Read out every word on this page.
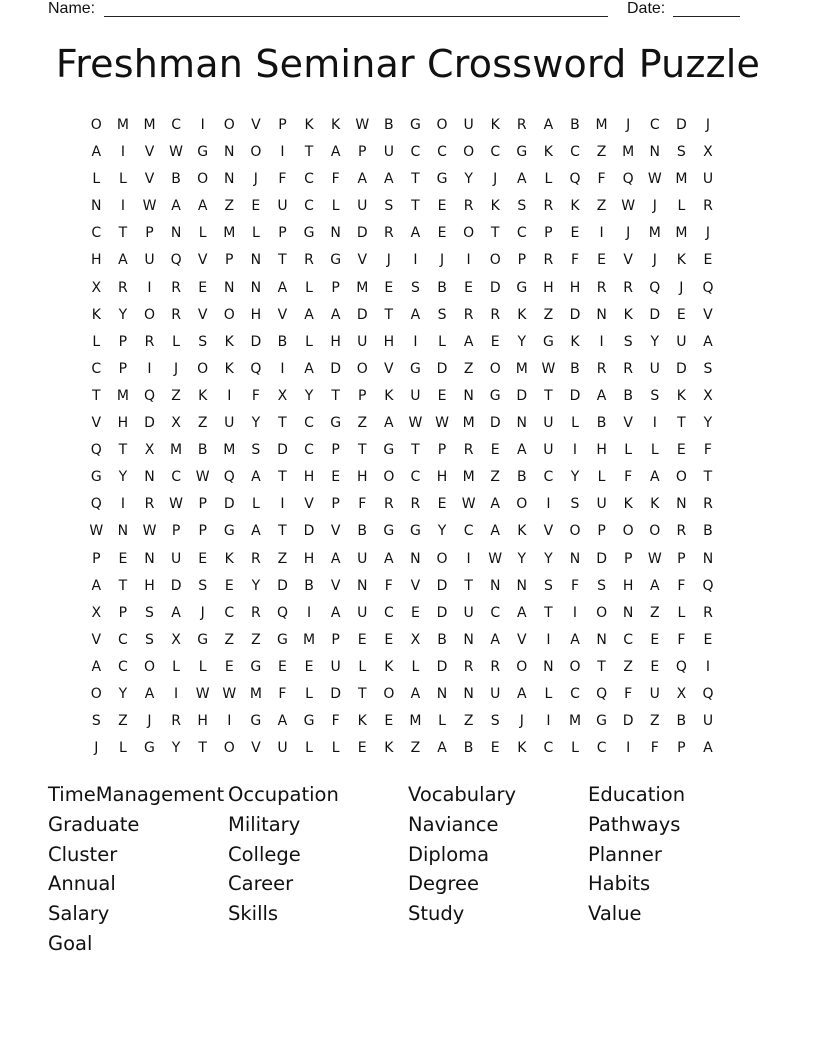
Name:	Date:
Freshman Seminar Crossword Puzzle
O	M	M	C	I	O	V	P	K	K	W	B	G	O	U	K	R	A	B	M	J	C	D	J
A	I	V	W	G	N	O	I	T	A	P	U	C	C	O	C	G	K	C	Z	M	N	S	X
L	L	V	B	O	N	J	F	C	F	A	A	T	G	Y	J	A	L	Q	F	Q	W M	U
N	I	W	A	A	Z	E	U	C	L	U	S	T	E	R	K	S	R	K	Z	W	J	L	R
C	T	P	N	L	M	L	P	G	N	D	R	A	E	O	T	C	P	E	I	J	M	M	J
H	A	U	Q	V	P	N	T	R	G	V	J	I	J	I	O	P	R	F	E	V	J	K	E
X	R	I	R	E	N	N	A	L	P	M	E	S	B	E	D	G	H	H	R	R	Q	J	Q
K	Y	O	R	V	O	H	V	A	A	D	T	A	S	R	R	K	Z	D	N	K	D	E	V
L	P	R	L	S	K	D	B	L	H	U	H	I	L	A	E	Y	G	K	I	S	Y	U	A
C	P	I	J	O	K	Q	I	A	D	O	V	G	D	Z	O	M W	B	R	R	U	D	S
T	M	Q	Z	K	I	F	X	Y	T	P	K	U	E	N	G	D	T	D	A	B	S	K	X
V	H	D	X	Z	U	Y	T	C	G	Z	A	W W M	D	N	U	L	B	V	I	T	Y
Q	T	X	M	B	M	S	D	C	P	T	G	T	P	R	E	A	U	I	H	L	L	E	F
G	Y	N	C	W	Q	A	T	H	E	H	O	C	H	M	Z	B	C	Y	L	F	A	O	T
Q	I	R	W	P	D	L	I	V	P	F	R	R	E	W	A	O	I	S	U	K	K	N	R
W	N	W	P	P	G	A	T	D	V	B	G	G	Y	C	A	K	V	O	P	O	O	R	B
P	E	N	U	E	K	R	Z	H	A	U	A	N	O	I	W	Y	Y	N	D	P	W	P	N
A	T	H	D	S	E	Y	D	B	V	N	F	V	D	T	N	N	S	F	S	H	A	F	Q
X	P	S	A	J	C	R	Q	I	A	U	C	E	D	U	C	A	T	I	O	N	Z	L	R
V	C	S	X	G	Z	Z	G	M	P	E	E	X	B	N	A	V	I	A	N	C	E	F	E
A	C	O	L	L	E	G	E	E	U	L	K	L	D	R	R	O	N	O	T	Z	E	Q	I
O	Y	A	I	W W M	F	L	D	T	O	A	N	N	U	A	L	C	Q	F	U	X	Q
S	Z	J	R	H	I	G	A	G	F	K	E	M	L	Z	S	J	I	M	G	D	Z	B	U
J	L	G	Y	T	O	V	U	L	L	E	K	Z	A	B	E	K	C	L	C	I	F	P	A
TimeManagement Occupation	Vocabulary	Education
Graduate	Military	Naviance	Pathways
Cluster	College	Diploma	Planner
Annual	Career	Degree	Habits
Salary	Skills	Study	Value
Goal
